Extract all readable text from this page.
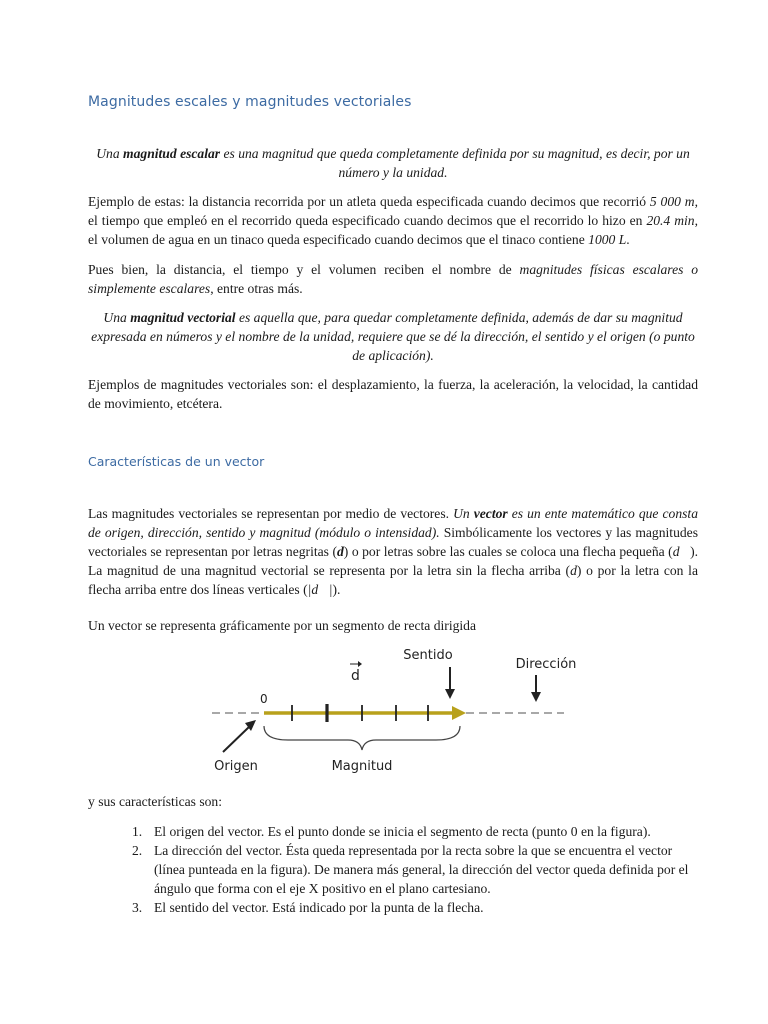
Magnitudes escales y magnitudes vectoriales

Una magnitud escalar es una magnitud que queda completamente definida por su magnitud, es decir, por un número y la unidad.

Ejemplo de estas: la distancia recorrida por un atleta queda especificada cuando decimos que recorrió 5 000 m, el tiempo que empleó en el recorrido queda especificado cuando decimos que el recorrido lo hizo en 20.4 min, el volumen de agua en un tinaco queda especificado cuando decimos que el tinaco contiene 1000 L.

Pues bien, la distancia, el tiempo y el volumen reciben el nombre de magnitudes físicas escalares o simplemente escalares, entre otras más.

Una magnitud vectorial es aquella que, para quedar completamente definida, además de dar su magnitud expresada en números y el nombre de la unidad, requiere que se dé la dirección, el sentido y el origen (o punto de aplicación).

Ejemplos de magnitudes vectoriales son: el desplazamiento, la fuerza, la aceleración, la velocidad, la cantidad de movimiento, etcétera.

Características de un vector

Las magnitudes vectoriales se representan por medio de vectores. Un vector es un ente matemático que consta de origen, dirección, sentido y magnitud (módulo o intensidad). Simbólicamente los vectores y las magnitudes vectoriales se representan por letras negritas (d) o por letras sobre las cuales se coloca una flecha pequeña (d⃗). La magnitud de una magnitud vectorial se representa por la letra sin la flecha arriba (d) o por la letra con la flecha arriba entre dos líneas verticales (|d⃗|).

Un vector se representa gráficamente por un segmento de recta dirigida

0
d
Sentido
Dirección
Origen	Magnitud

y sus características son:

1. El origen del vector. Es el punto donde se inicia el segmento de recta (punto 0 en la figura).
2. La dirección del vector. Ésta queda representada por la recta sobre la que se encuentra el vector (línea punteada en la figura). De manera más general, la dirección del vector queda definida por el ángulo que forma con el eje X positivo en el plano cartesiano.
3. El sentido del vector. Está indicado por la punta de la flecha.
